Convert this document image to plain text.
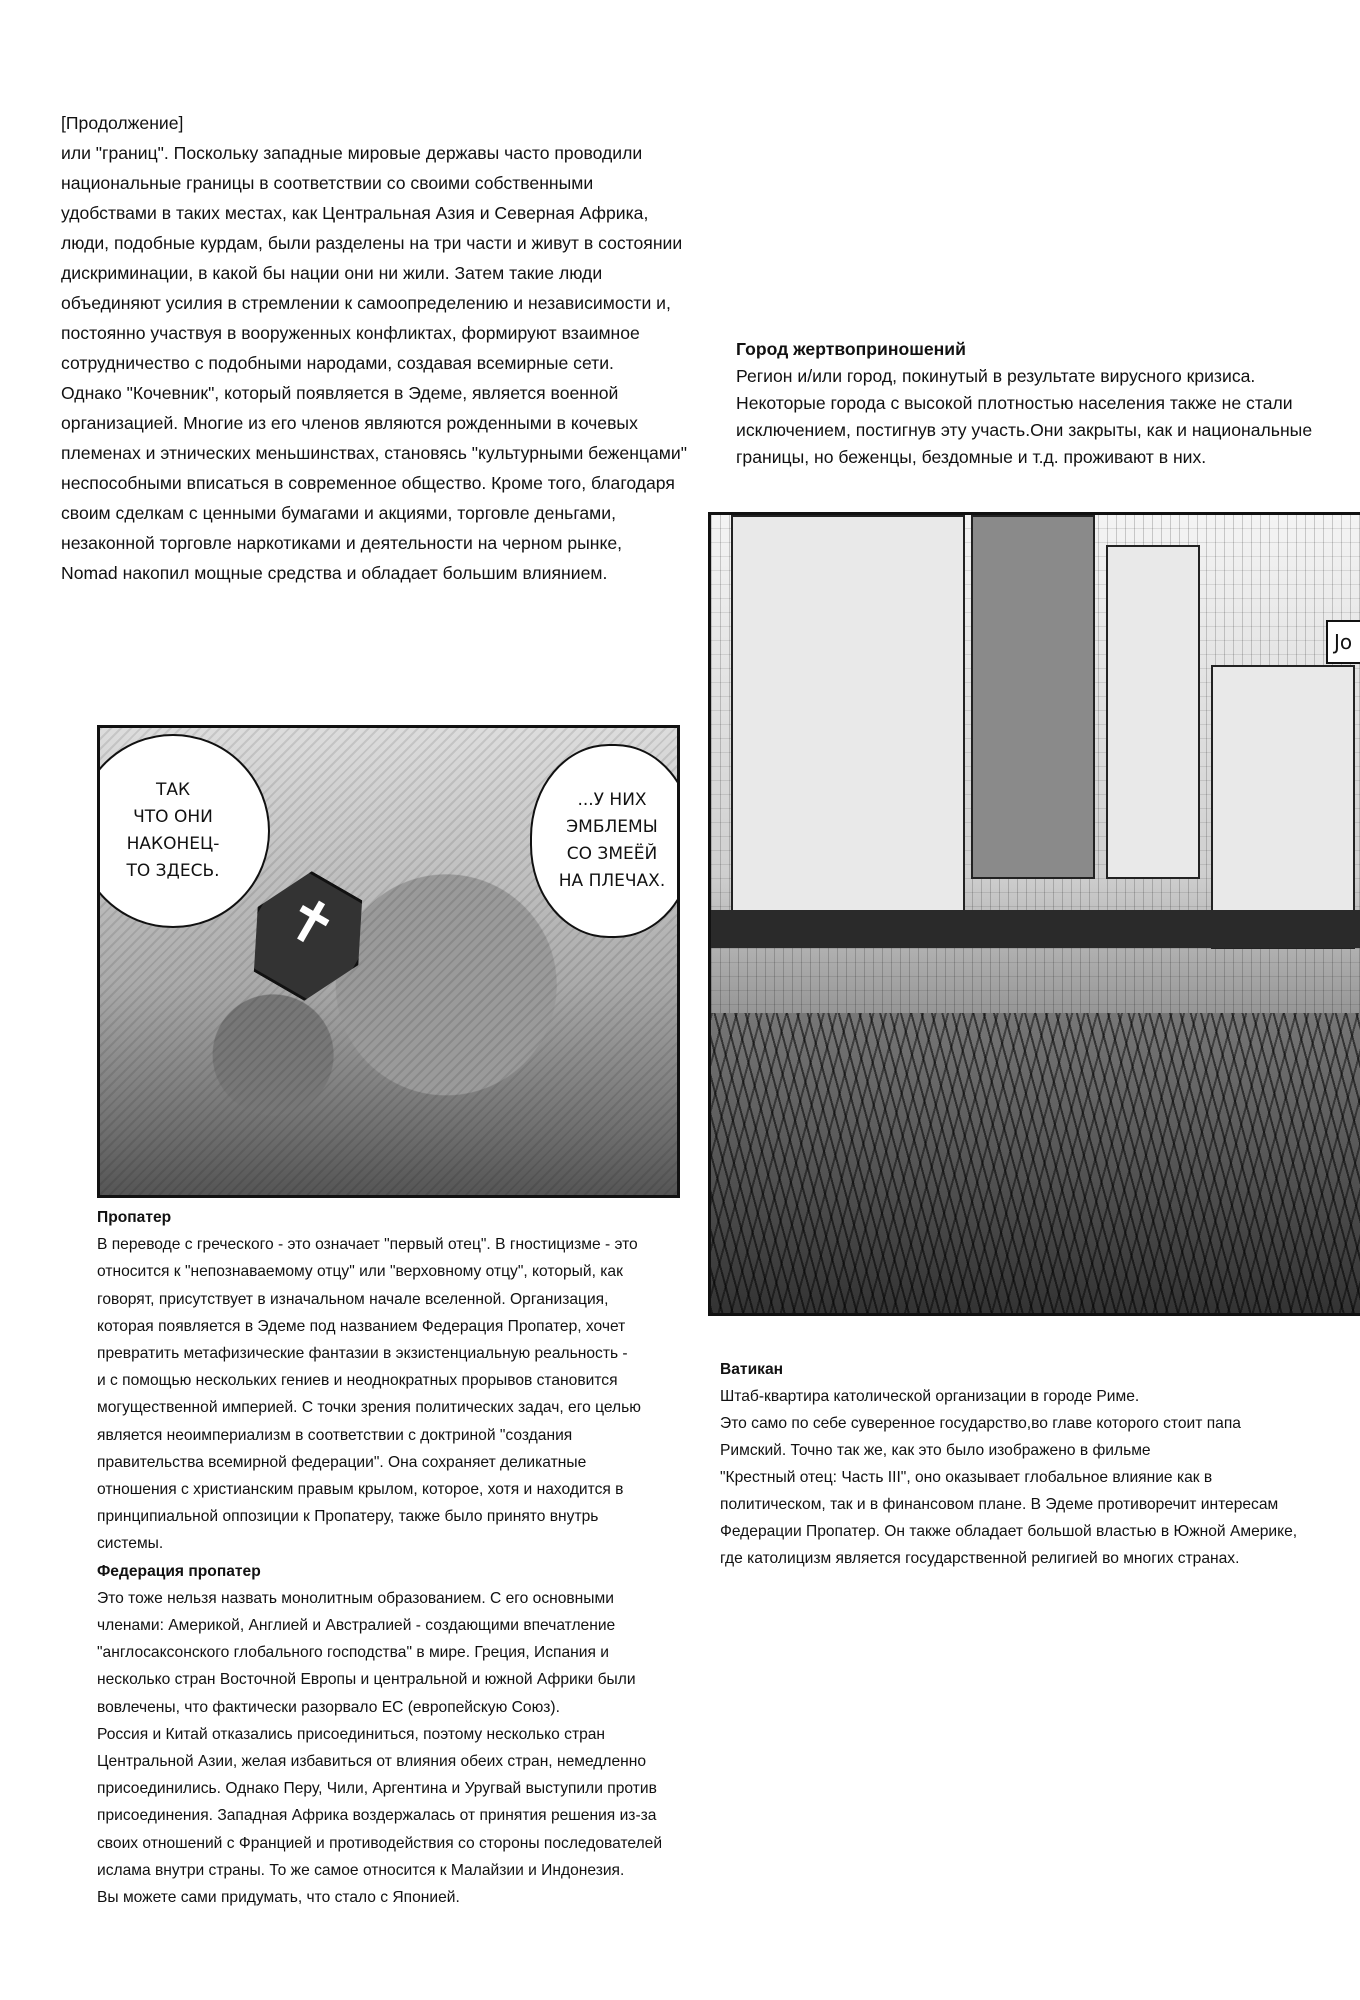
[Продолжение]

или "границ". Поскольку западные мировые державы часто проводили
национальные границы в соответствии со своими собственными
удобствами в таких местах, как Центральная Азия и Северная Африка,
люди, подобные курдам, были разделены на три части и живут в состоянии
дискриминации, в какой бы нации они ни жили. Затем такие люди
объединяют усилия в стремлении к самоопределению и независимости и,
постоянно участвуя в вооруженных конфликтах, формируют взаимное
сотрудничество с подобными народами, создавая всемирные сети.
Однако "Кочевник", который появляется в Эдеме, является военной
организацией. Многие из его членов являются рожденными в кочевых
племенах и этнических меньшинствах, становясь "культурными беженцами"
неспособными вписаться в современное общество. Кроме того, благодаря
своим сделкам с ценными бумагами и акциями, торговле деньгами,
незаконной торговле наркотиками и деятельности на черном рынке,
Nomad накопил мощные средства и обладает большим влиянием.

Город жертвоприношений

Регион и/или город, покинутый в результате вирусного кризиса.
Некоторые города с высокой плотностью населения также не стали
исключением, постигнув эту участь.Они закрыты, как и национальные
границы, но беженцы, бездомные и т.д. проживают в них.

✝
ТАК
ЧТО ОНИ
НАКОНЕЦ-
ТО ЗДЕСЬ.
...У НИХ
ЭМБЛЕМЫ
СО ЗМЕЁЙ
НА ПЛЕЧАХ.
Jo

Пропатер

В переводе с греческого - это означает "первый отец". В гностицизме - это
относится к "непознаваемому отцу" или "верховному отцу", который, как
говорят, присутствует в изначальном начале вселенной. Организация,
которая появляется в Эдеме под названием Федерация Пропатер, хочет
превратить метафизические фантазии в экзистенциальную реальность -
и с помощью нескольких гениев и неоднократных прорывов становится
могущественной империей. С точки зрения политических задач, его целью
является неоимпериализм в соответствии с доктриной "создания
правительства всемирной федерации". Она сохраняет деликатные
отношения с христианским правым крылом, которое, хотя и находится в
принципиальной оппозиции к Пропатеру, также было принято внутрь
системы.

Федерация пропатер

Это тоже нельзя назвать монолитным образованием. С его основными
членами: Америкой, Англией и Австралией - создающими впечатление
"англосаксонского глобального господства" в мире. Греция, Испания и
несколько стран Восточной Европы и центральной и южной Африки были
вовлечены, что фактически разорвало ЕС (европейскую Союз).
Россия и Китай отказались присоединиться, поэтому несколько стран
Центральной Азии, желая избавиться от влияния обеих стран, немедленно
присоединились. Однако Перу, Чили, Аргентина и Уругвай выступили против
присоединения. Западная Африка воздержалась от принятия решения из-за
своих отношений с Францией и противодействия со стороны последователей
ислама внутри страны. То же самое относится к Малайзии и Индонезия.
Вы можете сами придумать, что стало с Японией.

Ватикан

Штаб-квартира католической организации в городе Риме.
Это само по себе суверенное государство,во главе которого стоит папа
Римский. Точно так же, как это было изображено в фильме
"Крестный отец: Часть III", оно оказывает глобальное влияние как в
политическом, так и в финансовом плане. В Эдеме противоречит интересам
Федерации Пропатер. Он также обладает большой властью в Южной Америке,
где католицизм является государственной религией во многих странах.
